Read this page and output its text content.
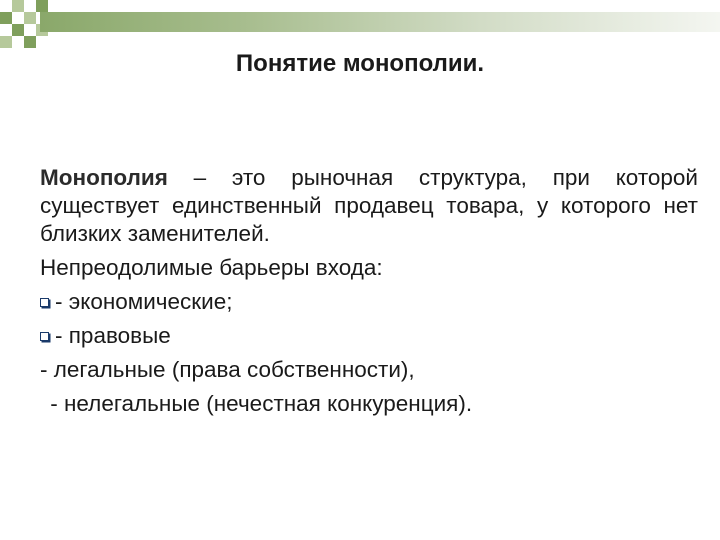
Понятие монополии.

Монополия – это рыночная структура, при которой существует единственный продавец товара, у которого нет близких заменителей.

Непреодолимые барьеры входа:
- экономические;
- правовые
- легальные (права собственности),
- нелегальные (нечестная конкуренция).
